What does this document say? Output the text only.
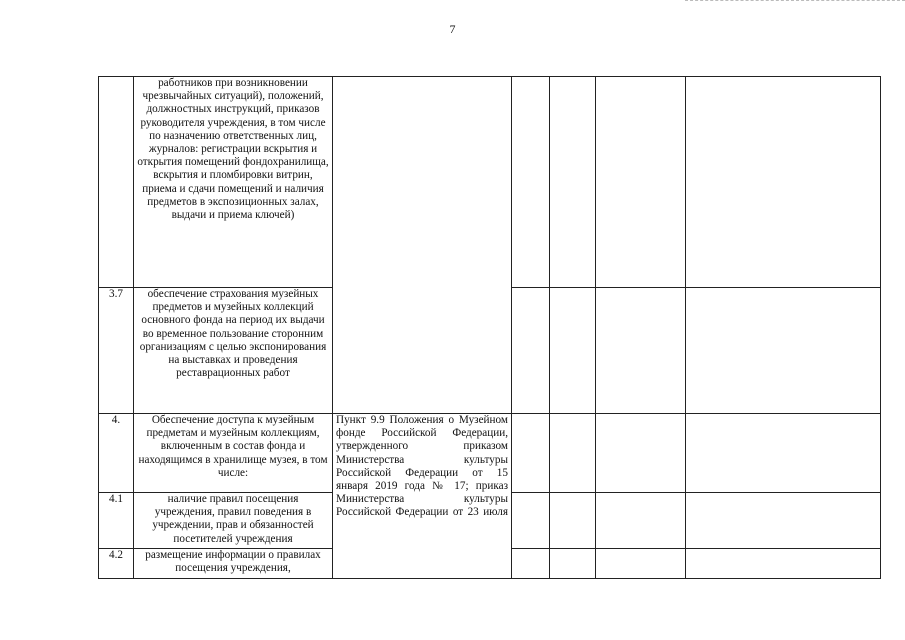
7
	работников при возникновении чрезвычайных ситуаций), положений, должностных инструкций, приказов руководителя учреждения, в том числе по назначению ответственных лиц, журналов: регистрации вскрытия и открытия помещений фондохранилища, вскрытия и пломбировки витрин, приема и сдачи помещений и наличия предметов в экспозиционных залах, выдачи и приема ключей)					
3.7	обеспечение страхования музейных предметов и музейных коллекций основного фонда на период их выдачи во временное пользование сторонним организациям с целью экспонирования на выставках и проведения реставрационных работ					
4.	Обеспечение доступа к музейным предметам и музейным коллекциям, включенным в состав фонда и находящимся в хранилище музея, в том числе:	Пункт 9.9 Положения о Музейном фонде Российской Федерации, утвержденного приказом Министерства культуры Российской Федерации от 15 января 2019 года № 17; приказ Министерства культуры Российской Федерации от 23 июля				
4.1	наличие правил посещения учреждения, правил поведения в учреждении, прав и обязанностей посетителей учреждения					
4.2	размещение информации о правилах посещения учреждения,					
